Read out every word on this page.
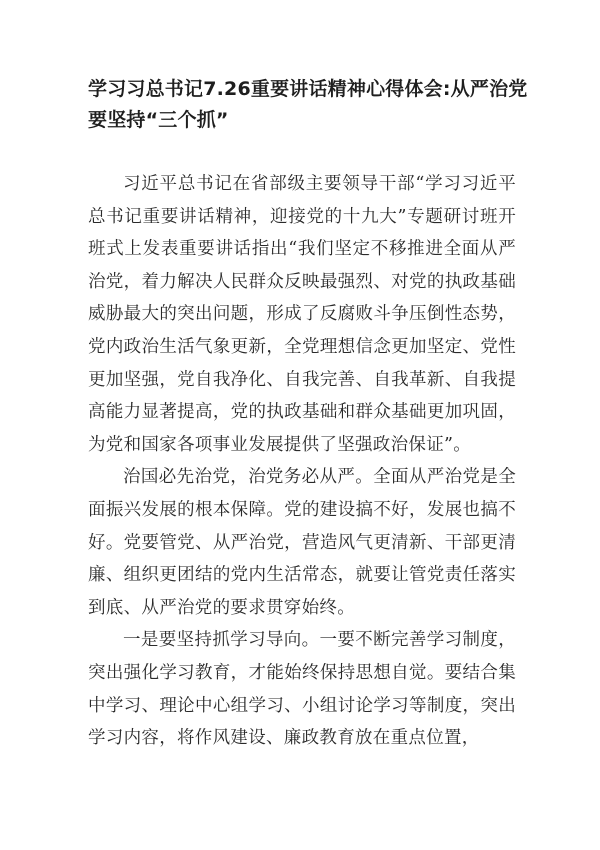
学习习总书记7.26重要讲话精神心得体会:从严治党要坚持“三个抓”

习近平总书记在省部级主要领导干部“学习习近平总书记重要讲话精神，迎接党的十九大”专题研讨班开班式上发表重要讲话指出“我们坚定不移推进全面从严治党，着力解决人民群众反映最强烈、对党的执政基础威胁最大的突出问题，形成了反腐败斗争压倒性态势，党内政治生活气象更新，全党理想信念更加坚定、党性更加坚强，党自我净化、自我完善、自我革新、自我提高能力显著提高，党的执政基础和群众基础更加巩固，为党和国家各项事业发展提供了坚强政治保证”。

治国必先治党，治党务必从严。全面从严治党是全面振兴发展的根本保障。党的建设搞不好，发展也搞不好。党要管党、从严治党，营造风气更清新、干部更清廉、组织更团结的党内生活常态，就要让管党责任落实到底、从严治党的要求贯穿始终。

一是要坚持抓学习导向。一要不断完善学习制度，突出强化学习教育，才能始终保持思想自觉。要结合集中学习、理论中心组学习、小组讨论学习等制度，突出学习内容，将作风建设、廉政教育放在重点位置，
